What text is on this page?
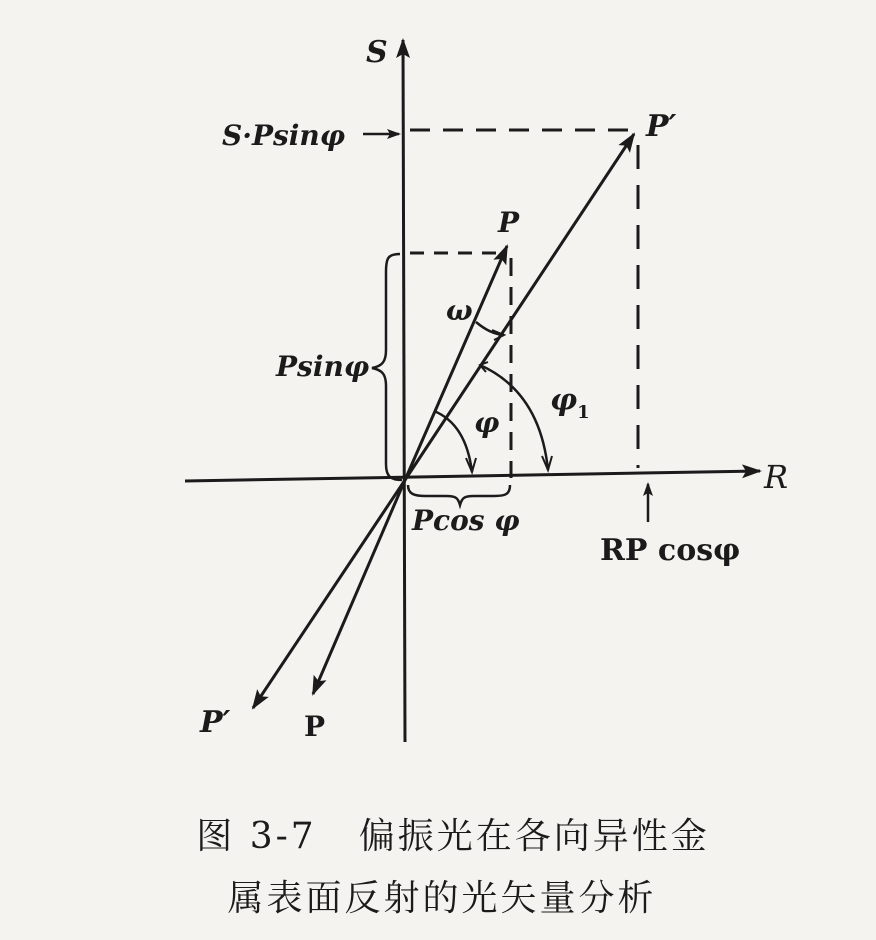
S
R
P′
P
P′	P
ω
φ
$\varphi_1$
S·Psinφ
Psinφ
Pcos φ
RP cosφ
图 3-7 偏振光在各向异性金
属表面反射的光矢量分析
